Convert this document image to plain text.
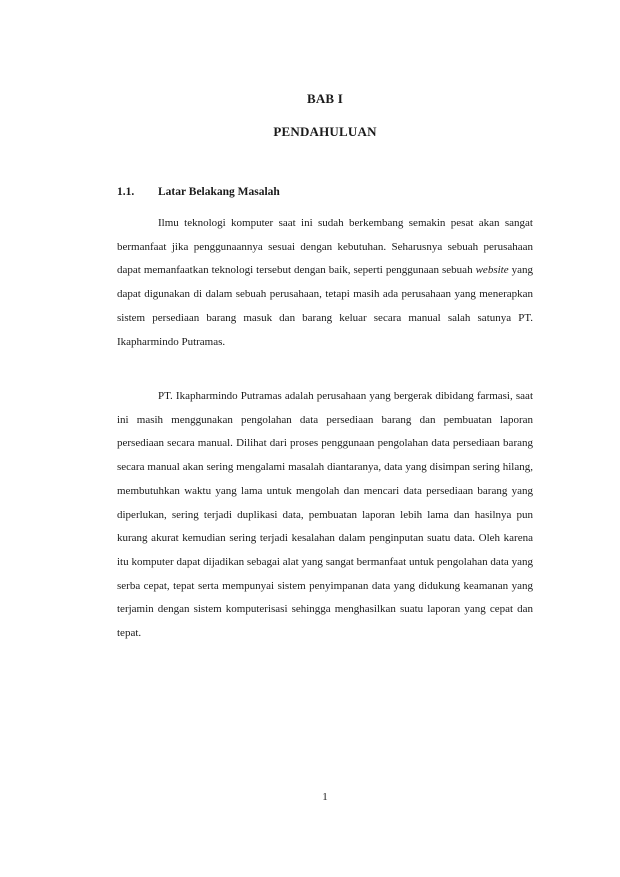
BAB I
PENDAHULUAN
1.1. Latar Belakang Masalah

Ilmu teknologi komputer saat ini sudah berkembang semakin pesat akan sangat bermanfaat jika penggunaannya sesuai dengan kebutuhan. Seharusnya sebuah perusahaan dapat memanfaatkan teknologi tersebut dengan baik, seperti penggunaan sebuah website yang dapat digunakan di dalam sebuah perusahaan, tetapi masih ada perusahaan yang menerapkan sistem persediaan barang masuk dan barang keluar secara manual salah satunya PT. Ikapharmindo Putramas.

PT. Ikapharmindo Putramas adalah perusahaan yang bergerak dibidang farmasi, saat ini masih menggunakan pengolahan data persediaan barang dan pembuatan laporan persediaan secara manual. Dilihat dari proses penggunaan pengolahan data persediaan barang secara manual akan sering mengalami masalah diantaranya, data yang disimpan sering hilang, membutuhkan waktu yang lama untuk mengolah dan mencari data persediaan barang yang diperlukan, sering terjadi duplikasi data, pembuatan laporan lebih lama dan hasilnya pun kurang akurat kemudian sering terjadi kesalahan dalam penginputan suatu data. Oleh karena itu komputer dapat dijadikan sebagai alat yang sangat bermanfaat untuk pengolahan data yang serba cepat, tepat serta mempunyai sistem penyimpanan data yang didukung keamanan yang terjamin dengan sistem komputerisasi sehingga menghasilkan suatu laporan yang cepat dan tepat.

1
